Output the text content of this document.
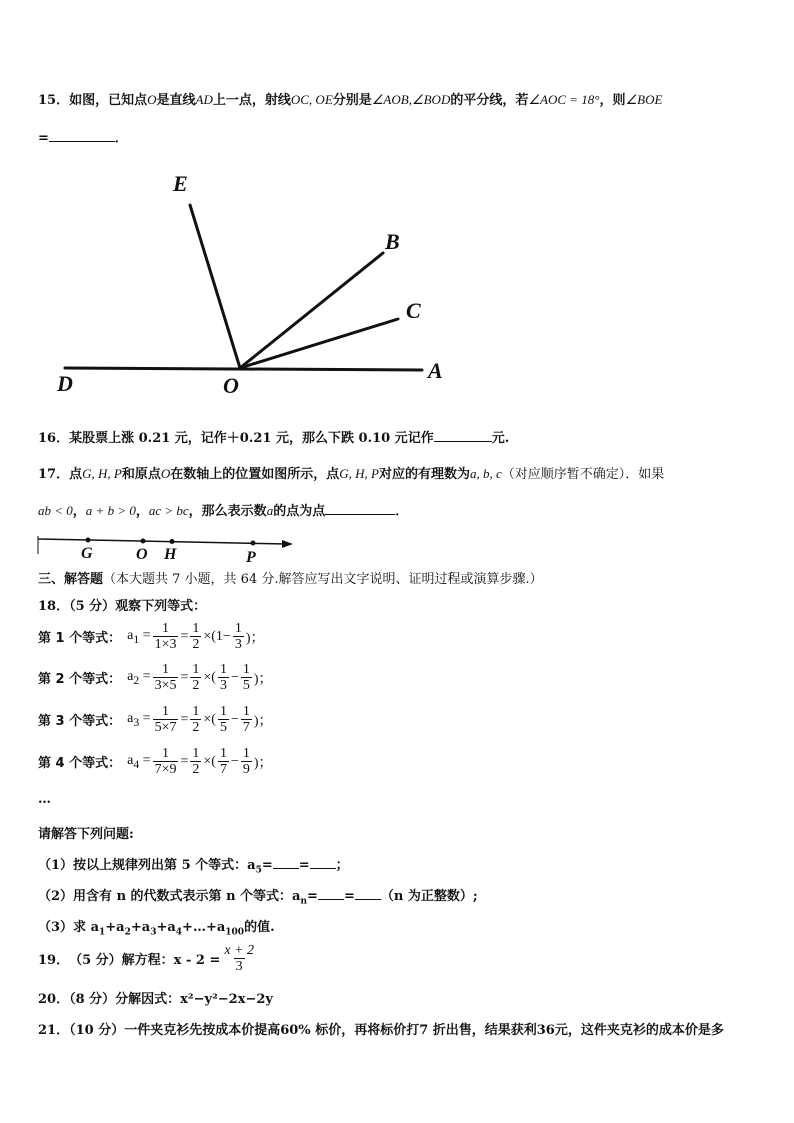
15．如图，已知点O是直线AD上一点，射线OC, OE分别是∠AOB,∠BOD的平分线，若∠AOC = 18°，则∠BOE
=	．
E
B
C
D	O
A
16．某股票上涨 0.21 元，记作＋0.21 元，那么下跌 0.10 元记作	元.
17．点G, H, P和原点O在数轴上的位置如图所示，点G, H, P对应的有理数为a, b, c（对应顺序暂不确定）．如果
ab < 0，a + b > 0，ac > bc，那么表示数a的点为点	．
G	O H	P
三、解答题（本大题共 7 小题，共 64 分.解答应写出文字说明、证明过程或演算步骤.）
18．（5 分）观察下列等式：
第 1 个等式： $a_1 = \frac{1}{1\times 3} = \frac{1}{2} \times(1- \frac{1}{3}$ )；
第 2 个等式： $a_2 = \frac{1}{3\times 5} = \frac{1}{2}$ ×( $\frac{1}{3} - \frac{1}{5}$ )；
第 3 个等式： $a_3 = \frac{1}{5\times 7} = \frac{1}{2}$ ×( $\frac{1}{5} - \frac{1}{7}$ )；
第 4 个等式： $a_4 = \frac{1}{7\times 9} = \frac{1}{2}$ ×( $\frac{1}{7} - \frac{1}{9}$ )；
…
请解答下列问题:
（1）按以上规律列出第 5 个等式：$a_5=$ = ；
（2）用含有 n 的代数式表示第 n 个等式：$a_n= = (n$ 为正整数）;
（3）求 $a_1+a_2+a_3+a_4+\dots+a_{100}$的值.
19． （5 分） 解方程：$x - 2 = \frac{x + 2}{3}$
20．（8 分）分解因式：x²−y²−2x−2y
21．（10 分）一件夹克衫先按成本价提高60% 标价，再将标价打7 折出售，结果获利36元，这件夹克衫的成本价是多
